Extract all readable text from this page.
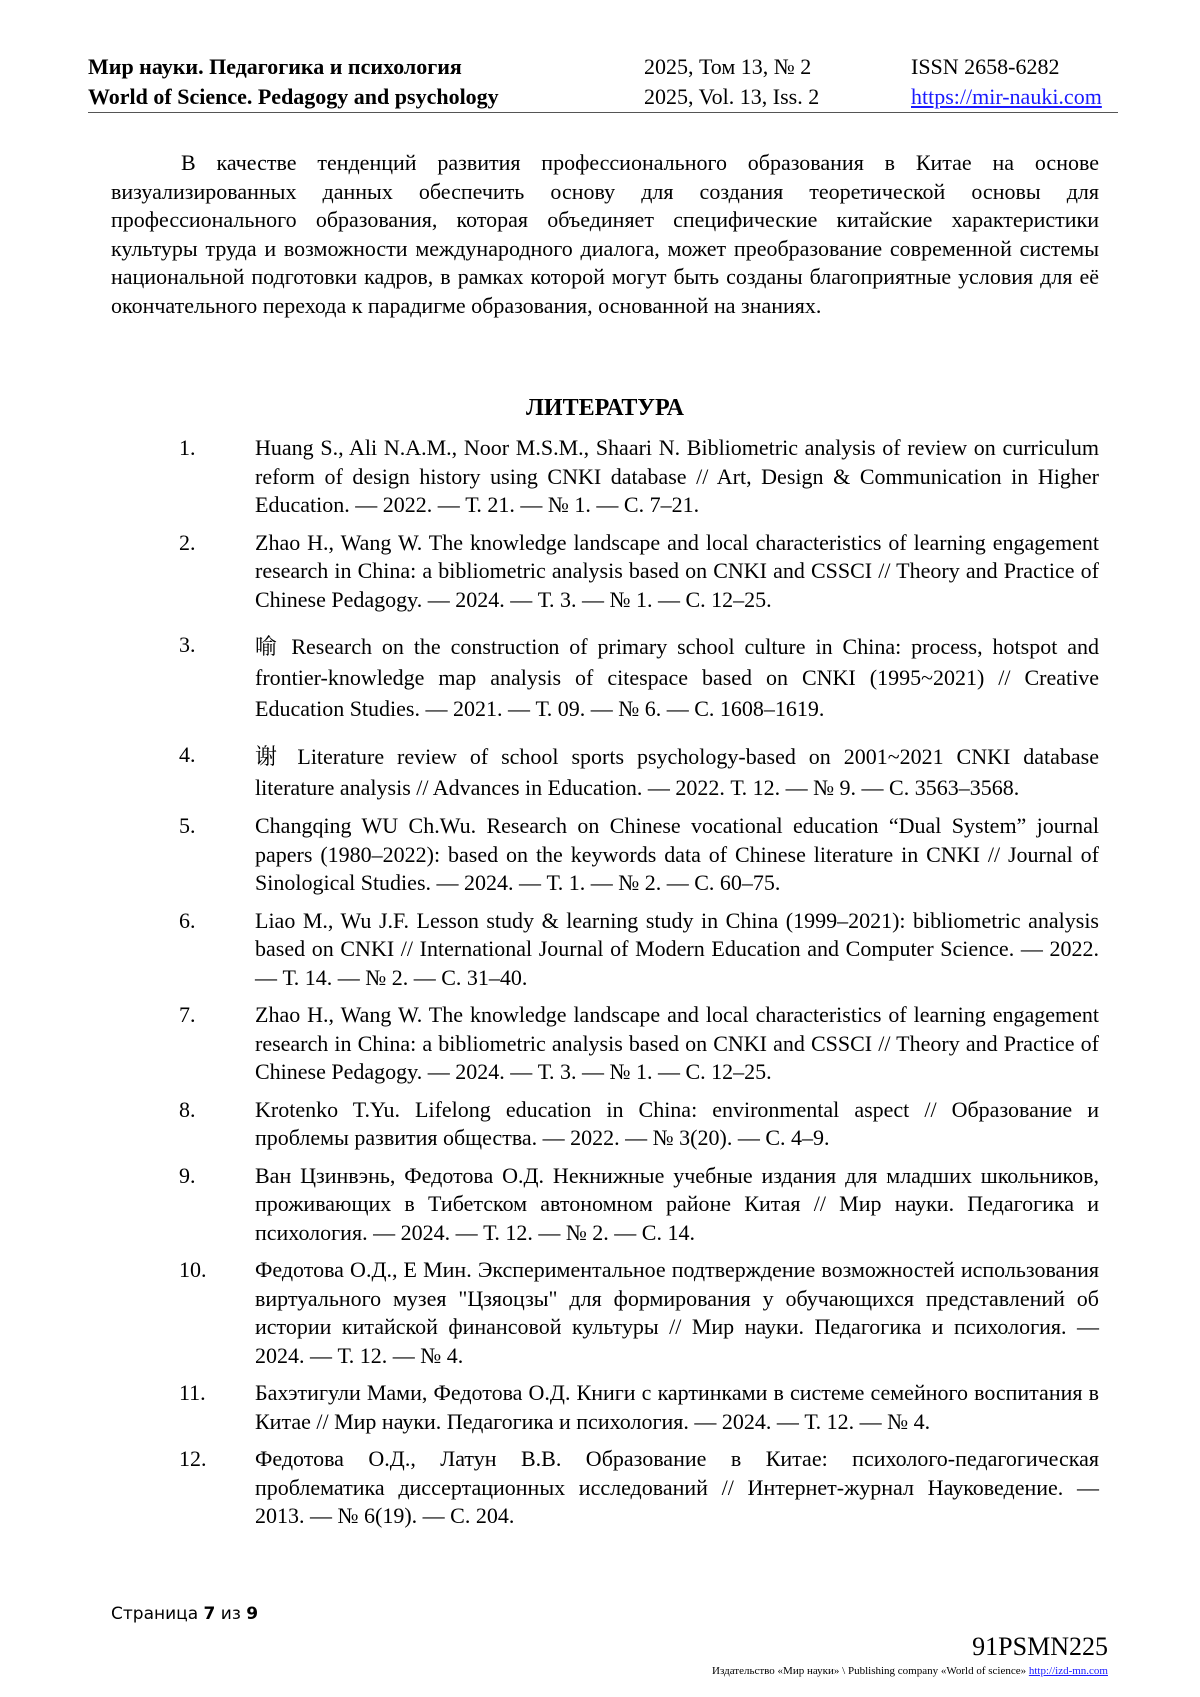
Мир науки. Педагогика и психология	2025, Том 13, № 2	ISSN 2658-6282
World of Science. Pedagogy and psychology	2025, Vol. 13, Iss. 2	https://mir-nauki.com

В качестве тенденций развития профессионального образования в Китае на основе визуализированных данных обеспечить основу для создания теоретической основы для профессионального образования, которая объединяет специфические китайские характеристики культуры труда и возможности международного диалога, может преобразование современной системы национальной подготовки кадров, в рамках которой могут быть созданы благоприятные условия для её окончательного перехода к парадигме образования, основанной на знаниях.

ЛИТЕРАТУРА
1.	Huang S., Ali N.A.M., Noor M.S.M., Shaari N. Bibliometric analysis of review on curriculum reform of design history using CNKI database // Art, Design & Communication in Higher Education. — 2022. — Т. 21. — № 1. — С. 7–21.
2.	Zhao H., Wang W. The knowledge landscape and local characteristics of learning engagement research in China: a bibliometric analysis based on CNKI and CSSCI // Theory and Practice of Chinese Pedagogy. — 2024. — Т. 3. — № 1. — С. 12–25.
3.	喻 Research on the construction of primary school culture in China: process, hotspot and frontier-knowledge map analysis of citespace based on CNKI (1995~2021) // Creative Education Studies. — 2021. — Т. 09. — № 6. — С. 1608–1619.
4.	谢 Literature review of school sports psychology-based on 2001~2021 CNKI database literature analysis // Advances in Education. — 2022. Т. 12. — № 9. — С. 3563–3568.
5.	Changqing WU Ch.Wu. Research on Chinese vocational education “Dual System” journal papers (1980–2022): based on the keywords data of Chinese literature in CNKI // Journal of Sinological Studies. — 2024. — Т. 1. — № 2. — С. 60–75.
6.	Liao M., Wu J.F. Lesson study & learning study in China (1999–2021): bibliometric analysis based on CNKI // International Journal of Modern Education and Computer Science. — 2022. — Т. 14. — № 2. — С. 31–40.
7.	Zhao H., Wang W. The knowledge landscape and local characteristics of learning engagement research in China: a bibliometric analysis based on CNKI and CSSCI // Theory and Practice of Chinese Pedagogy. — 2024. — Т. 3. — № 1. — С. 12–25.
8.	Krotenko T.Yu. Lifelong education in China: environmental aspect // Образование и проблемы развития общества. — 2022. — № 3(20). — С. 4–9.
9.	Ван Цзинвэнь, Федотова О.Д. Некнижные учебные издания для младших школьников, проживающих в Тибетском автономном районе Китая // Мир науки. Педагогика и психология. — 2024. — Т. 12. — № 2. — С. 14.
10.	Федотова О.Д., Е Мин. Экспериментальное подтверждение возможностей использования виртуального музея "Цзяоцзы" для формирования у обучающихся представлений об истории китайской финансовой культуры // Мир науки. Педагогика и психология. — 2024. — Т. 12. — № 4.
11.	Бахэтигули Мами, Федотова О.Д. Книги с картинками в системе семейного воспитания в Китае // Мир науки. Педагогика и психология. — 2024. — Т. 12. — № 4.
12.	Федотова О.Д., Латун В.В. Образование в Китае: психолого-педагогическая проблематика диссертационных исследований // Интернет-журнал Науковедение. — 2013. — № 6(19). — С. 204.
Страница 7 из 9
91PSMN225
Издательство «Мир науки» \ Publishing company «World of science» http://izd-mn.com
